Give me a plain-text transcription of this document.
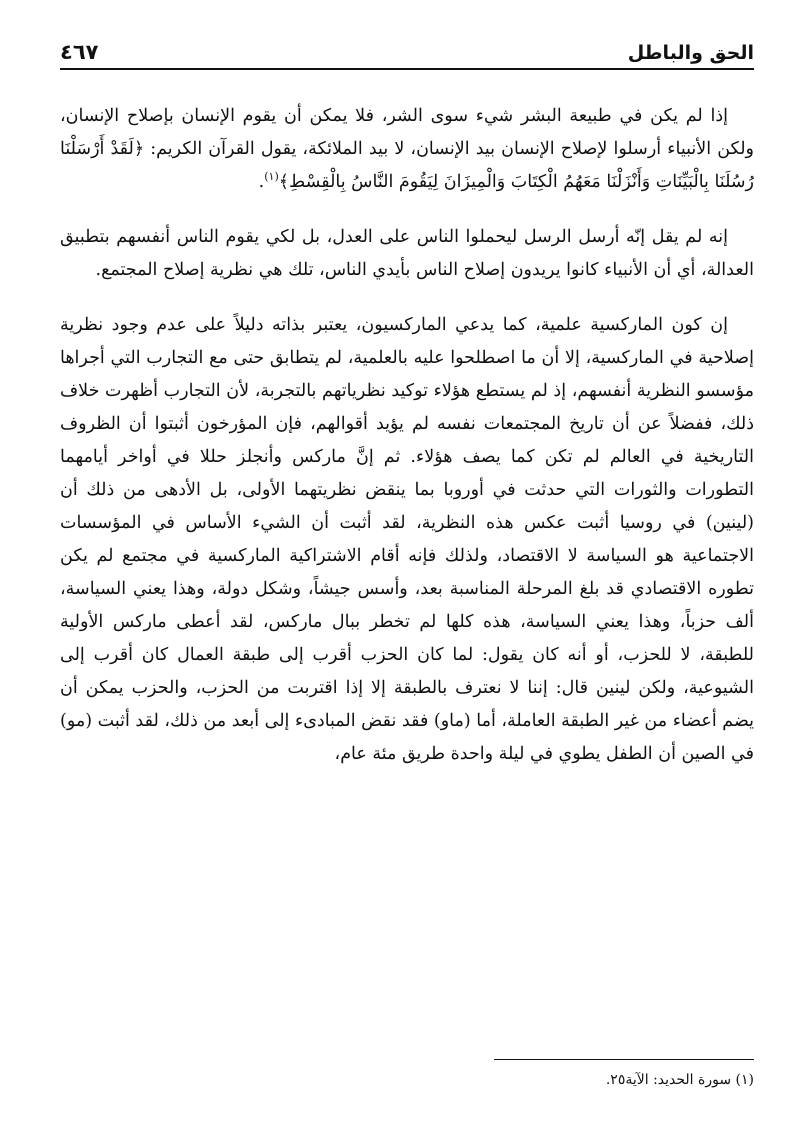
الحق والباطل
٤٦٧

إذا لم يكن في طبيعة البشر شيء سوى الشر، فلا يمكن أن يقوم الإنسان بإصلاح الإنسان، ولكن الأنبياء أرسلوا لإصلاح الإنسان بيد الإنسان، لا بيد الملائكة، يقول القرآن الكريم: ﴿لَقَدْ أَرْسَلْنَا رُسُلَنَا بِالْبَيِّنَاتِ وَأَنْزَلْنَا مَعَهُمُ الْكِتَابَ وَالْمِيزَانَ لِيَقُومَ النَّاسُ بِالْقِسْطِ﴾$^{(١)}$.

إنه لم يقل إنّه أرسل الرسل ليحملوا الناس على العدل، بل لكي يقوم الناس أنفسهم بتطبيق العدالة، أي أن الأنبياء كانوا يريدون إصلاح الناس بأيدي الناس، تلك هي نظرية إصلاح المجتمع.

إن كون الماركسية علمية، كما يدعي الماركسيون، يعتبر بذاته دليلاً على عدم وجود نظرية إصلاحية في الماركسية، إلا أن ما اصطلحوا عليه بالعلمية، لم يتطابق حتى مع التجارب التي أجراها مؤسسو النظرية أنفسهم، إذ لم يستطع هؤلاء توكيد نظرياتهم بالتجربة، لأن التجارب أظهرت خلاف ذلك، ففضلاً عن أن تاريخ المجتمعات نفسه لم يؤيد أقوالهم، فإن المؤرخون أثبتوا أن الظروف التاريخية في العالم لم تكن كما يصف هؤلاء. ثم إنَّ ماركس وأنجلز حللا في أواخر أيامهما التطورات والثورات التي حدثت في أوروبا بما ينقض نظريتهما الأولى، بل الأدهى من ذلك أن (لينين) في روسيا أثبت عكس هذه النظرية، لقد أثبت أن الشيء الأساس في المؤسسات الاجتماعية هو السياسة لا الاقتصاد، ولذلك فإنه أقام الاشتراكية الماركسية في مجتمع لم يكن تطوره الاقتصادي قد بلغ المرحلة المناسبة بعد، وأسس جيشاً، وشكل دولة، وهذا يعني السياسة، ألف حزباً، وهذا يعني السياسة، هذه كلها لم تخطر ببال ماركس، لقد أعطى ماركس الأولية للطبقة، لا للحزب، أو أنه كان يقول: لما كان الحزب أقرب إلى طبقة العمال كان أقرب إلى الشيوعية، ولكن لينين قال: إننا لا نعترف بالطبقة إلا إذا اقتربت من الحزب، والحزب يمكن أن يضم أعضاء من غير الطبقة العاملة، أما (ماو) فقد نقض المبادىء إلى أبعد من ذلك، لقد أثبت (مو) في الصين أن الطفل يطوي في ليلة واحدة طريق مئة عام،

(١) سورة الحديد: الآية٢٥.
